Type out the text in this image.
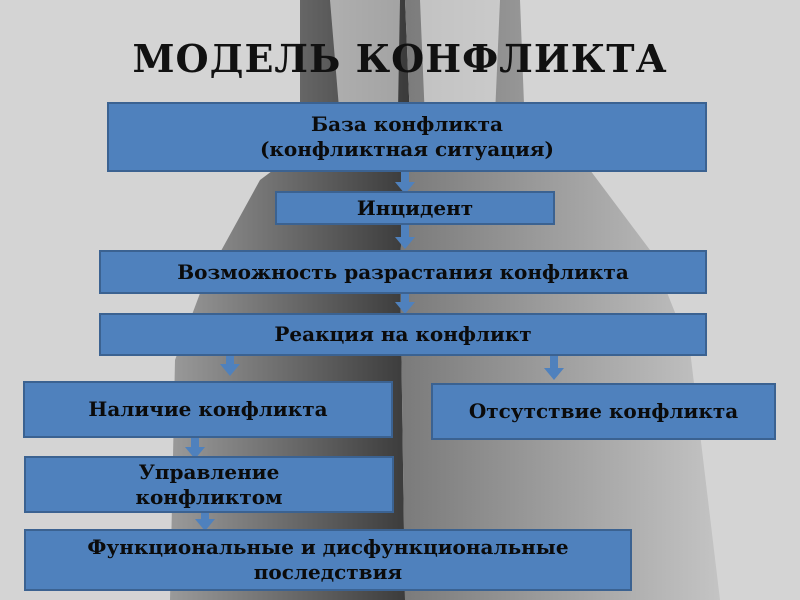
МОДЕЛЬ КОНФЛИКТА
База конфликта
(конфликтная ситуация)
Инцидент
Возможность разрастания конфликта
Реакция на конфликт
Наличие конфликта	Отсутствие конфликта
Управление
конфликтом
Функциональные и дисфункциональные
последствия
